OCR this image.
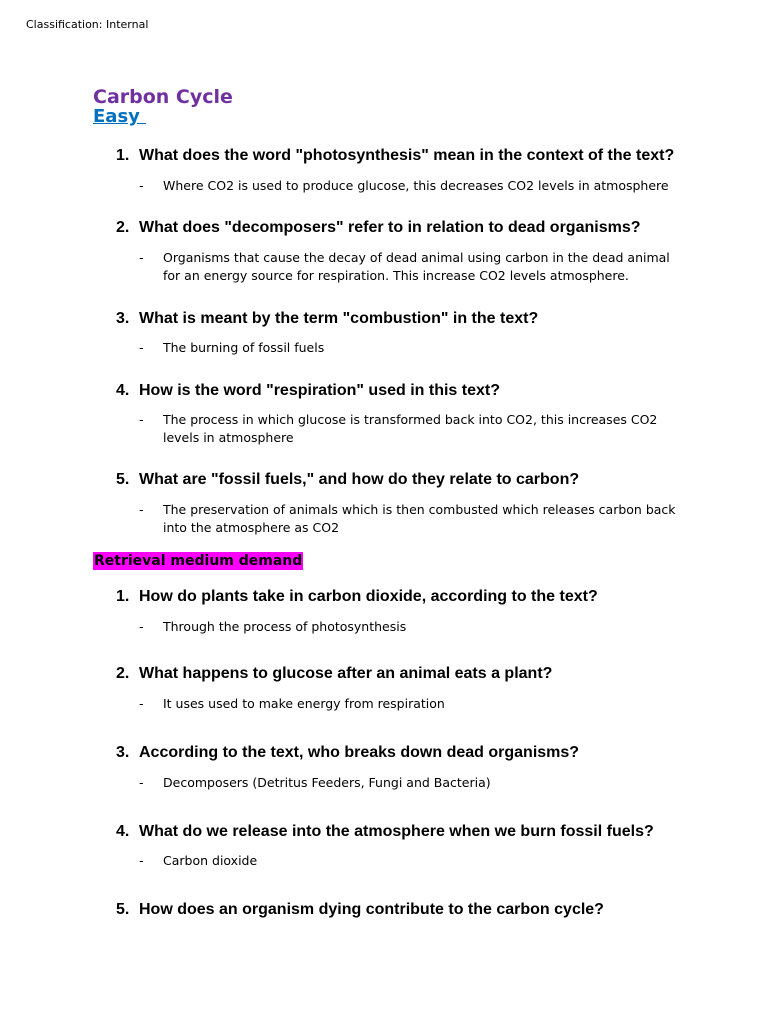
Classification: Internal
Carbon Cycle
Easy
1. What does the word "photosynthesis" mean in the context of the text?
- Where CO2 is used to produce glucose, this decreases CO2 levels in atmosphere
2. What does "decomposers" refer to in relation to dead organisms?
- Organisms that cause the decay of dead animal using carbon in the dead animal for an energy source for respiration. This increase CO2 levels atmosphere.
3. What is meant by the term "combustion" in the text?
- The burning of fossil fuels
4. How is the word "respiration" used in this text?
- The process in which glucose is transformed back into CO2, this increases CO2 levels in atmosphere
5. What are "fossil fuels," and how do they relate to carbon?
- The preservation of animals which is then combusted which releases carbon back into the atmosphere as CO2
Retrieval medium demand
1. How do plants take in carbon dioxide, according to the text?
- Through the process of photosynthesis
2. What happens to glucose after an animal eats a plant?
- It uses used to make energy from respiration
3. According to the text, who breaks down dead organisms?
- Decomposers (Detritus Feeders, Fungi and Bacteria)
4. What do we release into the atmosphere when we burn fossil fuels?
- Carbon dioxide
5. How does an organism dying contribute to the carbon cycle?
